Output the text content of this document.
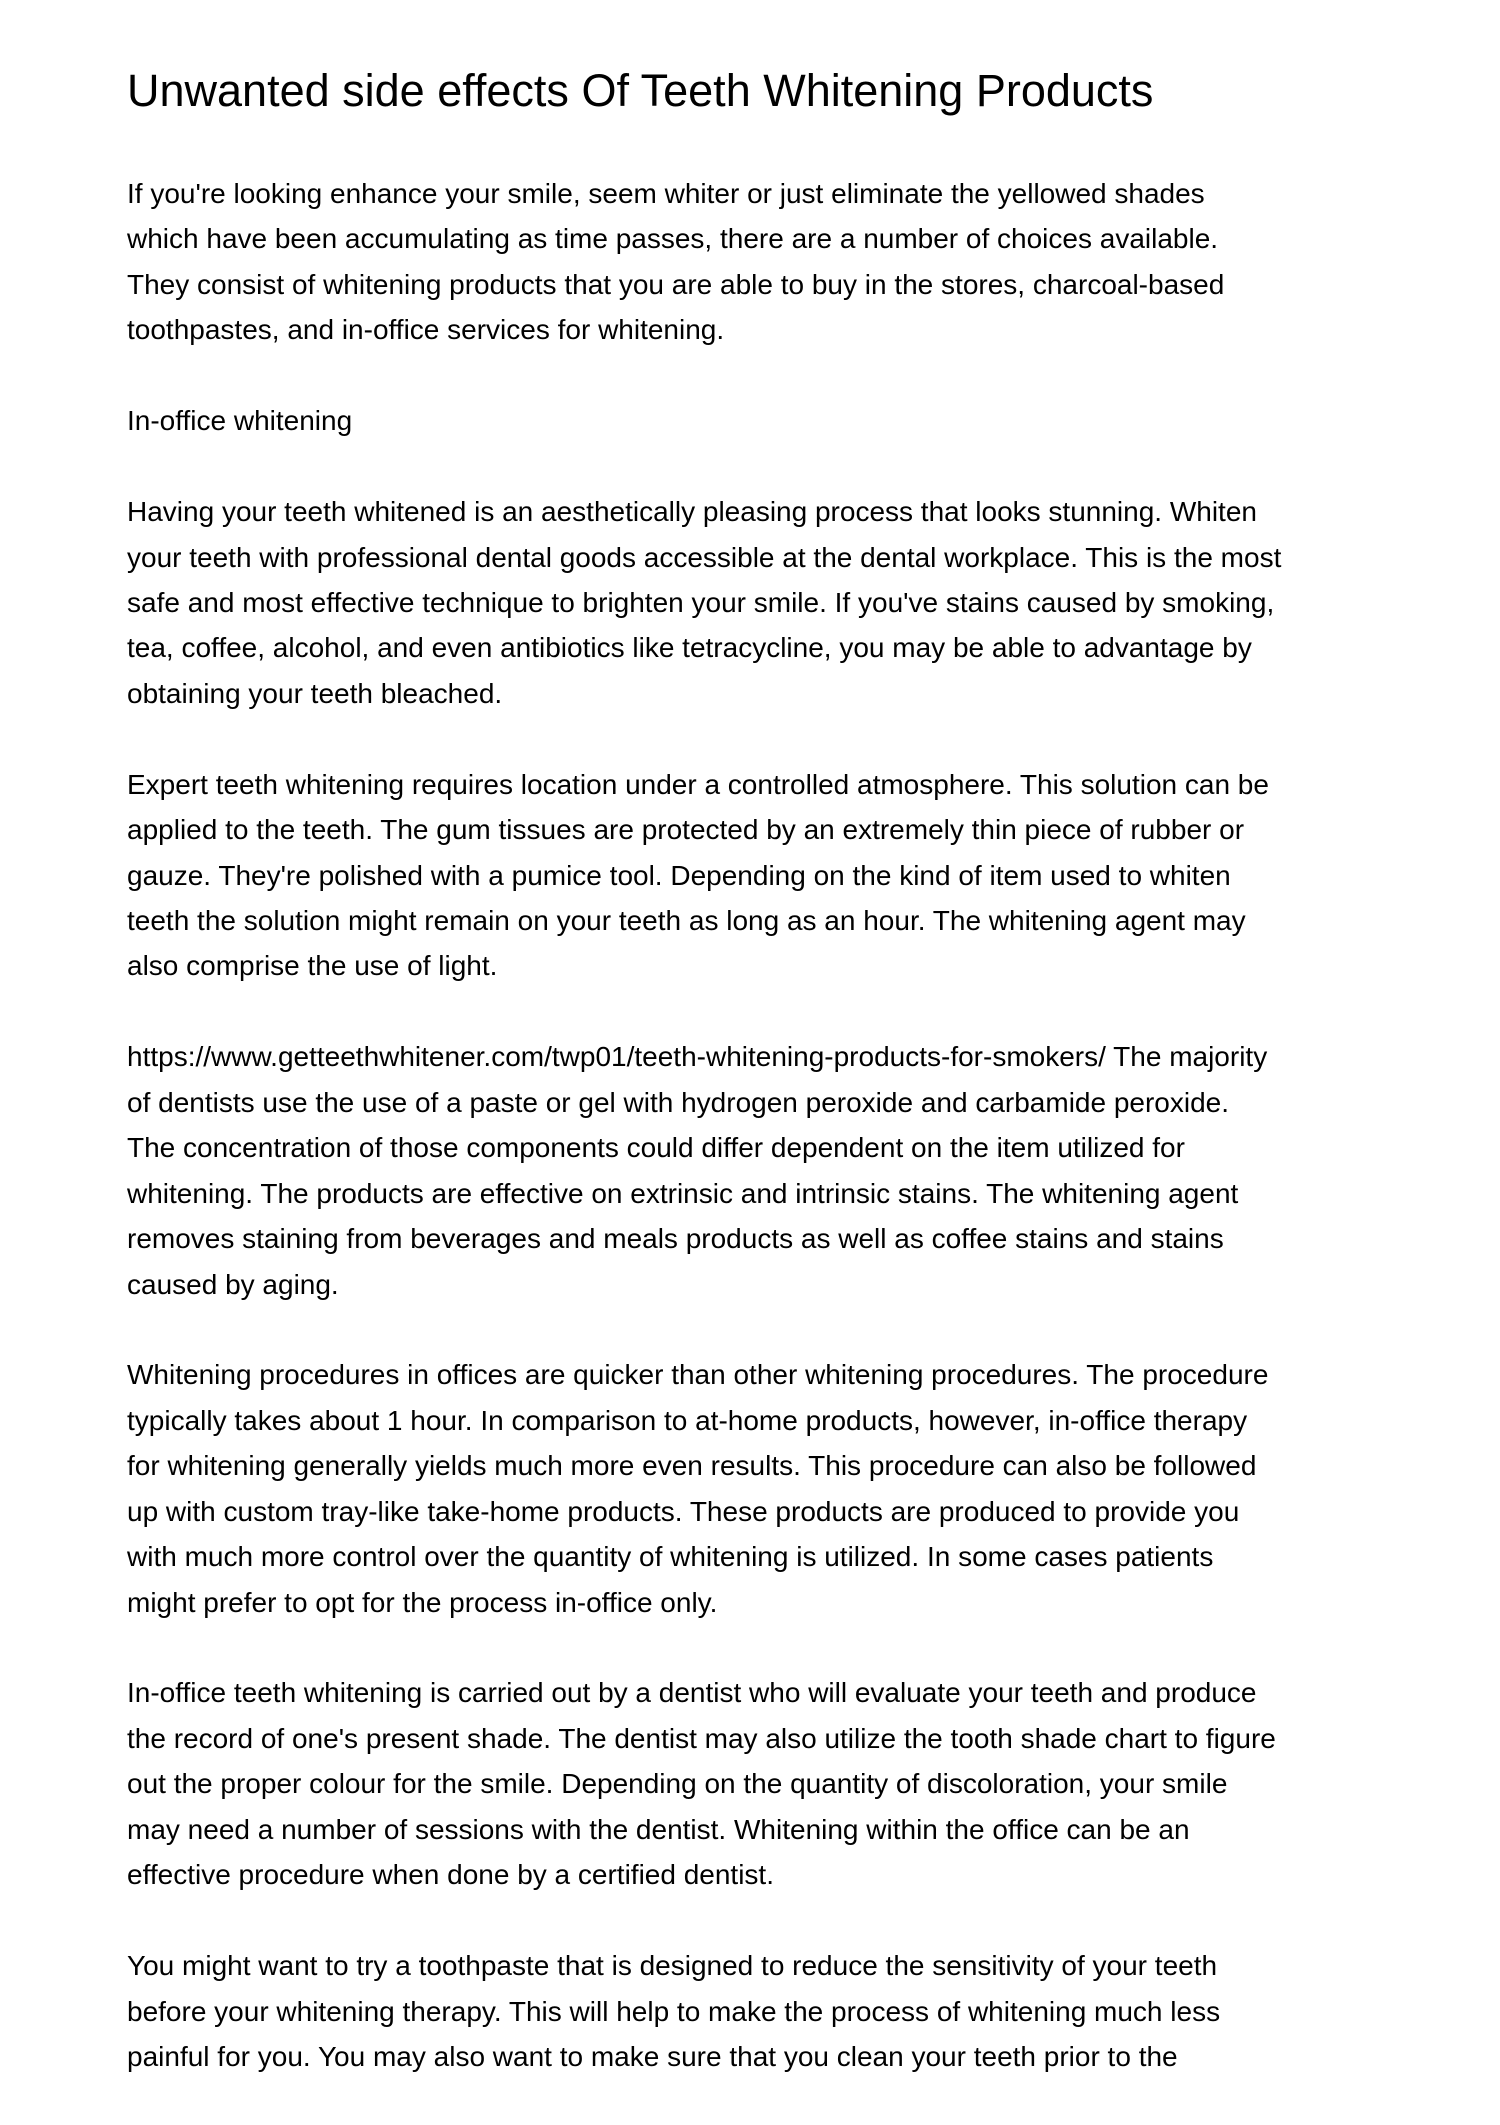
Unwanted side effects Of Teeth Whitening Products

If you're looking enhance your smile, seem whiter or just eliminate the yellowed shades
which have been accumulating as time passes, there are a number of choices available.
They consist of whitening products that you are able to buy in the stores, charcoal-based
toothpastes, and in-office services for whitening.

In-office whitening

Having your teeth whitened is an aesthetically pleasing process that looks stunning. Whiten
your teeth with professional dental goods accessible at the dental workplace. This is the most
safe and most effective technique to brighten your smile. If you've stains caused by smoking,
tea, coffee, alcohol, and even antibiotics like tetracycline, you may be able to advantage by
obtaining your teeth bleached.

Expert teeth whitening requires location under a controlled atmosphere. This solution can be
applied to the teeth. The gum tissues are protected by an extremely thin piece of rubber or
gauze. They're polished with a pumice tool. Depending on the kind of item used to whiten
teeth the solution might remain on your teeth as long as an hour. The whitening agent may
also comprise the use of light.

https://www.getteethwhitener.com/twp01/teeth-whitening-products-for-smokers/ The majority
of dentists use the use of a paste or gel with hydrogen peroxide and carbamide peroxide.
The concentration of those components could differ dependent on the item utilized for
whitening. The products are effective on extrinsic and intrinsic stains. The whitening agent
removes staining from beverages and meals products as well as coffee stains and stains
caused by aging.

Whitening procedures in offices are quicker than other whitening procedures. The procedure
typically takes about 1 hour. In comparison to at-home products, however, in-office therapy
for whitening generally yields much more even results. This procedure can also be followed
up with custom tray-like take-home products. These products are produced to provide you
with much more control over the quantity of whitening is utilized. In some cases patients
might prefer to opt for the process in-office only.

In-office teeth whitening is carried out by a dentist who will evaluate your teeth and produce
the record of one's present shade. The dentist may also utilize the tooth shade chart to figure
out the proper colour for the smile. Depending on the quantity of discoloration, your smile
may need a number of sessions with the dentist. Whitening within the office can be an
effective procedure when done by a certified dentist.

You might want to try a toothpaste that is designed to reduce the sensitivity of your teeth
before your whitening therapy. This will help to make the process of whitening much less
painful for you. You may also want to make sure that you clean your teeth prior to the
